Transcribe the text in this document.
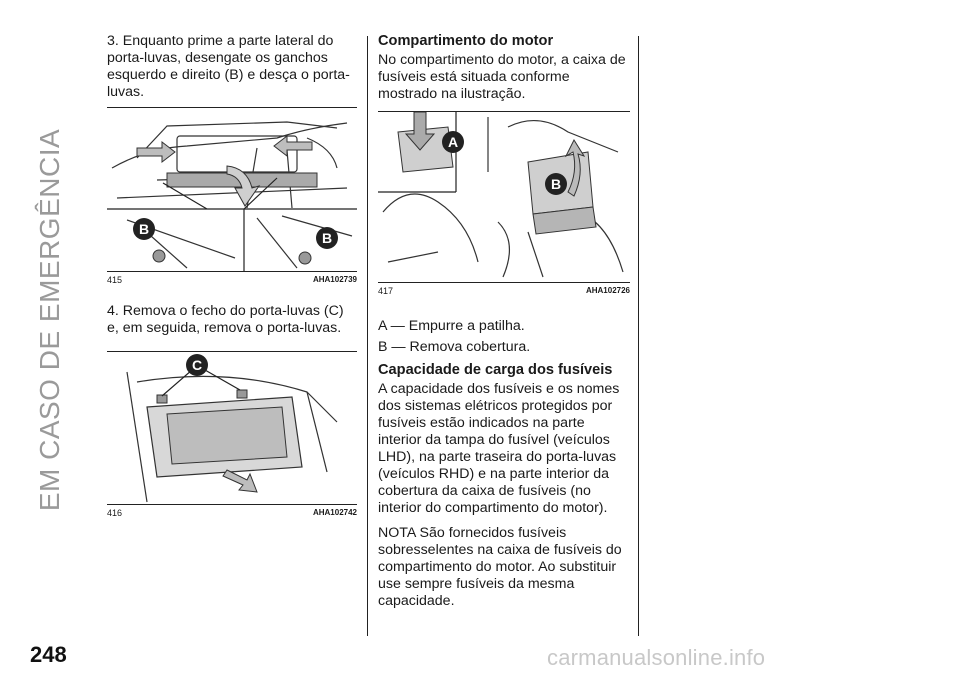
EM CASO DE EMERGÊNCIA

3. Enquanto prime a parte lateral do porta-luvas, desengate os ganchos esquerdo e direito (B) e desça o porta-luvas.

B
B
415	AHA102739

4. Remova o fecho do porta-luvas (C) e, em seguida, remova o porta-luvas.

C
416	AHA102742
Compartimento do motor

No compartimento do motor, a caixa de fusíveis está situada conforme mostrado na ilustração.

A
B
417	AHA102726

A — Empurre a patilha.

B — Remova cobertura.

Capacidade de carga dos fusíveis

A capacidade dos fusíveis e os nomes dos sistemas elétricos protegidos por fusíveis estão indicados na parte interior da tampa do fusível (veículos LHD), na parte traseira do porta-luvas (veículos RHD) e na parte interior da cobertura da caixa de fusíveis (no interior do compartimento do motor).

NOTA São fornecidos fusíveis sobresselentes na caixa de fusíveis do compartimento do motor. Ao substituir use sempre fusíveis da mesma capacidade.

248	carmanualsonline.info
